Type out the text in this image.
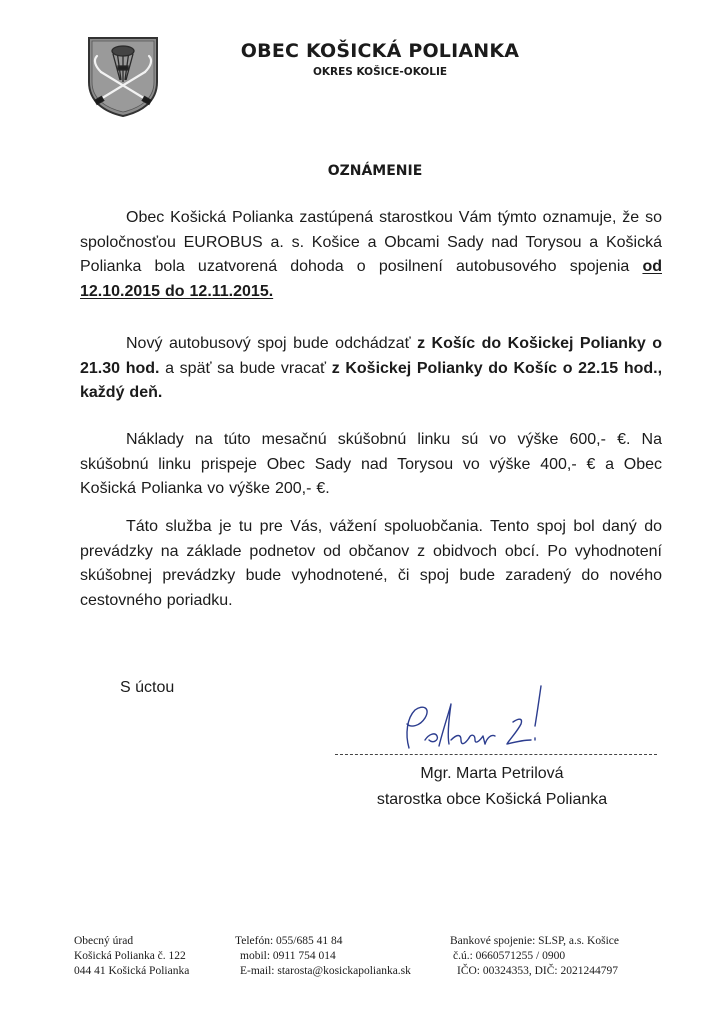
OBEC KOŠICKÁ POLIANKA
OKRES KOŠICE-OKOLIE
OZNÁMENIE

Obec Košická Polianka zastúpená starostkou Vám týmto oznamuje, že so spoločnosťou EUROBUS a. s. Košice a Obcami Sady nad Torysou a Košická Polianka bola uzatvorená dohoda o posilnení autobusového spojenia od 12.10.2015 do 12.11.2015.

Nový autobusový spoj bude odchádzať z Košíc do Košickej Polianky o 21.30 hod. a späť sa bude vracať z Košickej Polianky do Košíc o 22.15 hod., každý deň.

Náklady na túto mesačnú skúšobnú linku sú vo výške 600,- €. Na skúšobnú linku prispeje Obec Sady nad Torysou vo výške 400,- € a Obec Košická Polianka vo výške 200,- €.

Táto služba je tu pre Vás, vážení spoluobčania. Tento spoj bol daný do prevádzky na základe podnetov od občanov z obidvoch obcí. Po vyhodnotení skúšobnej prevádzky bude vyhodnotené, či spoj bude zaradený do nového cestovného poriadku.

S úctou
Mgr. Marta Petrilová
starostka obce Košická Polianka
Obecný úrad
Košická Polianka č. 122
044 41 Košická Polianka
Telefón: 055/685 41 84
mobil: 0911 754 014
E-mail: starosta@kosickapolianka.sk
Bankové spojenie: SLSP, a.s. Košice
č.ú.: 0660571255 / 0900
IČO: 00324353, DIČ: 2021244797
